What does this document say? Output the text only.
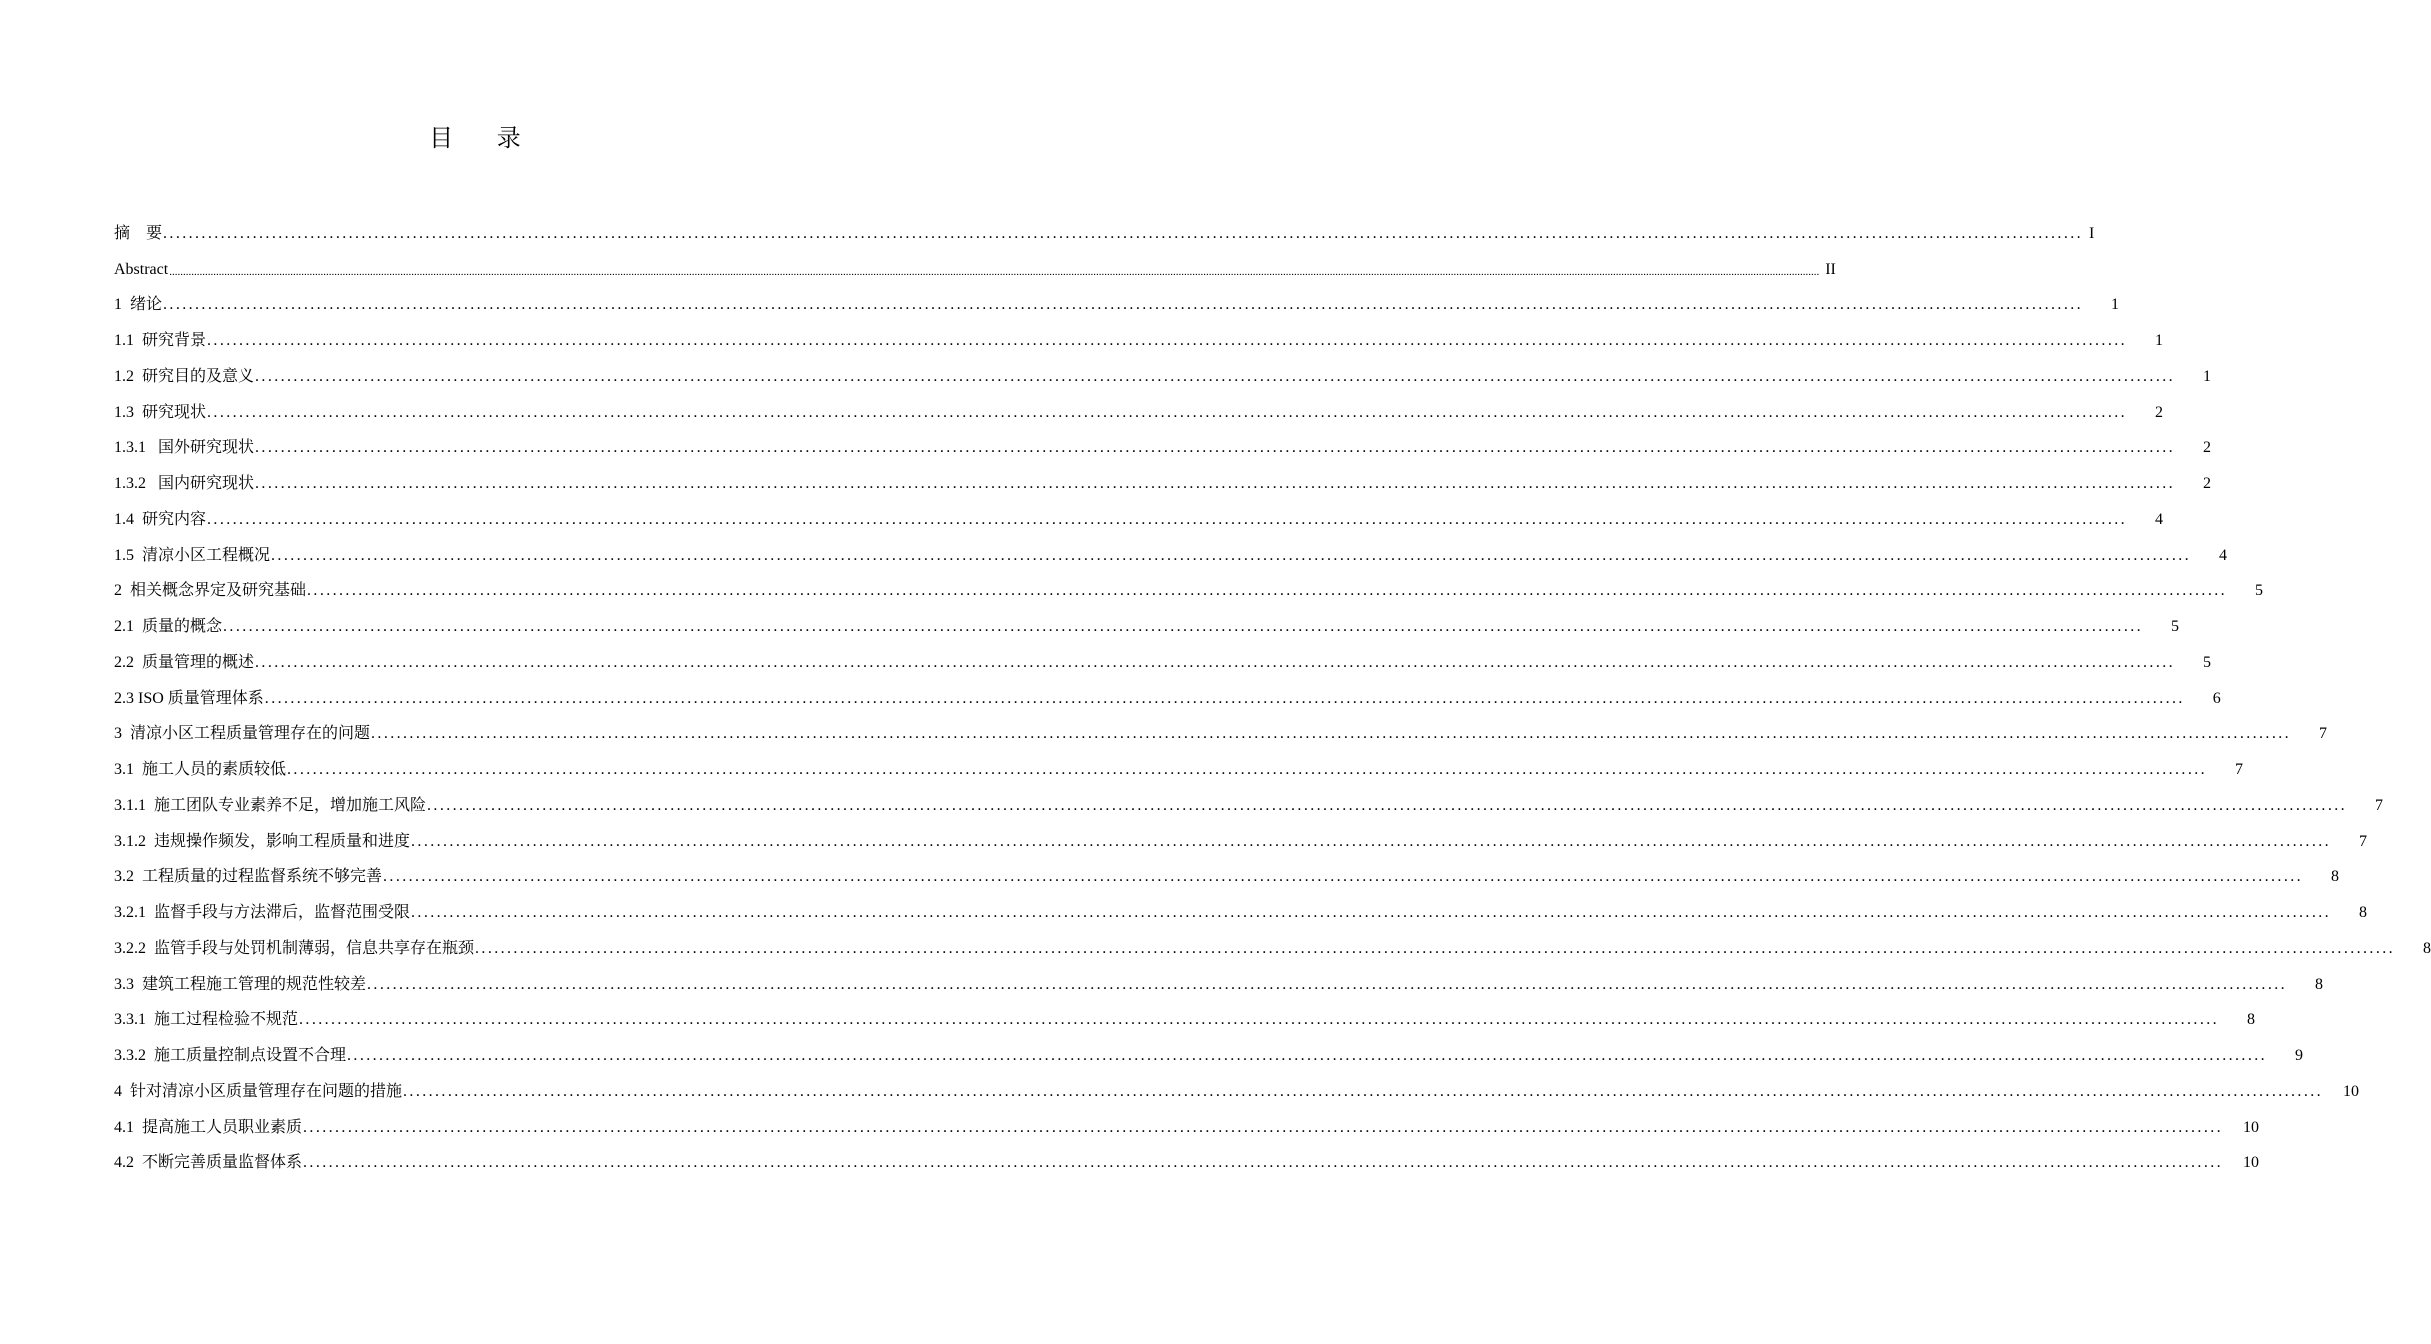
目 录
摘    要 ............................................................................................................................................................................................................................................................................................................ I
Abstract ........................................................................................................................................................................................................................................................................................................................................................................................................................................................................................................................................................................................................................ II
1  绪论 ............................................................................................................................................................................................................................................................................................................	1
1.1  研究背景 ............................................................................................................................................................................................................................................................................................................	1
1.2  研究目的及意义 ............................................................................................................................................................................................................................................................................................................	1
1.3  研究现状 ............................................................................................................................................................................................................................................................................................................	2
1.3.1   国外研究现状 ............................................................................................................................................................................................................................................................................................................	2
1.3.2   国内研究现状 ............................................................................................................................................................................................................................................................................................................	2
1.4  研究内容 ............................................................................................................................................................................................................................................................................................................	4
1.5  清凉小区工程概况 ............................................................................................................................................................................................................................................................................................................	4
2  相关概念界定及研究基础 ............................................................................................................................................................................................................................................................................................................	5
2.1  质量的概念 ............................................................................................................................................................................................................................................................................................................	5
2.2  质量管理的概述 ............................................................................................................................................................................................................................................................................................................	5
2.3 ISO 质量管理体系 ............................................................................................................................................................................................................................................................................................................	6
3  清凉小区工程质量管理存在的问题 ............................................................................................................................................................................................................................................................................................................	7
3.1  施工人员的素质较低 ............................................................................................................................................................................................................................................................................................................	7
3.1.1  施工团队专业素养不足，增加施工风险 ............................................................................................................................................................................................................................................................................................................	7
3.1.2  违规操作频发，影响工程质量和进度 ............................................................................................................................................................................................................................................................................................................	7
3.2  工程质量的过程监督系统不够完善 ............................................................................................................................................................................................................................................................................................................	8
3.2.1  监督手段与方法滞后，监督范围受限 ............................................................................................................................................................................................................................................................................................................	8
3.2.2  监管手段与处罚机制薄弱，信息共享存在瓶颈 ............................................................................................................................................................................................................................................................................................................	8
3.3  建筑工程施工管理的规范性较差 ............................................................................................................................................................................................................................................................................................................	8
3.3.1  施工过程检验不规范 ............................................................................................................................................................................................................................................................................................................	8
3.3.2  施工质量控制点设置不合理 ............................................................................................................................................................................................................................................................................................................	9
4  针对清凉小区质量管理存在问题的措施 ............................................................................................................................................................................................................................................................................................................	10
4.1  提高施工人员职业素质 ............................................................................................................................................................................................................................................................................................................	10
4.2  不断完善质量监督体系 ............................................................................................................................................................................................................................................................................................................	10
